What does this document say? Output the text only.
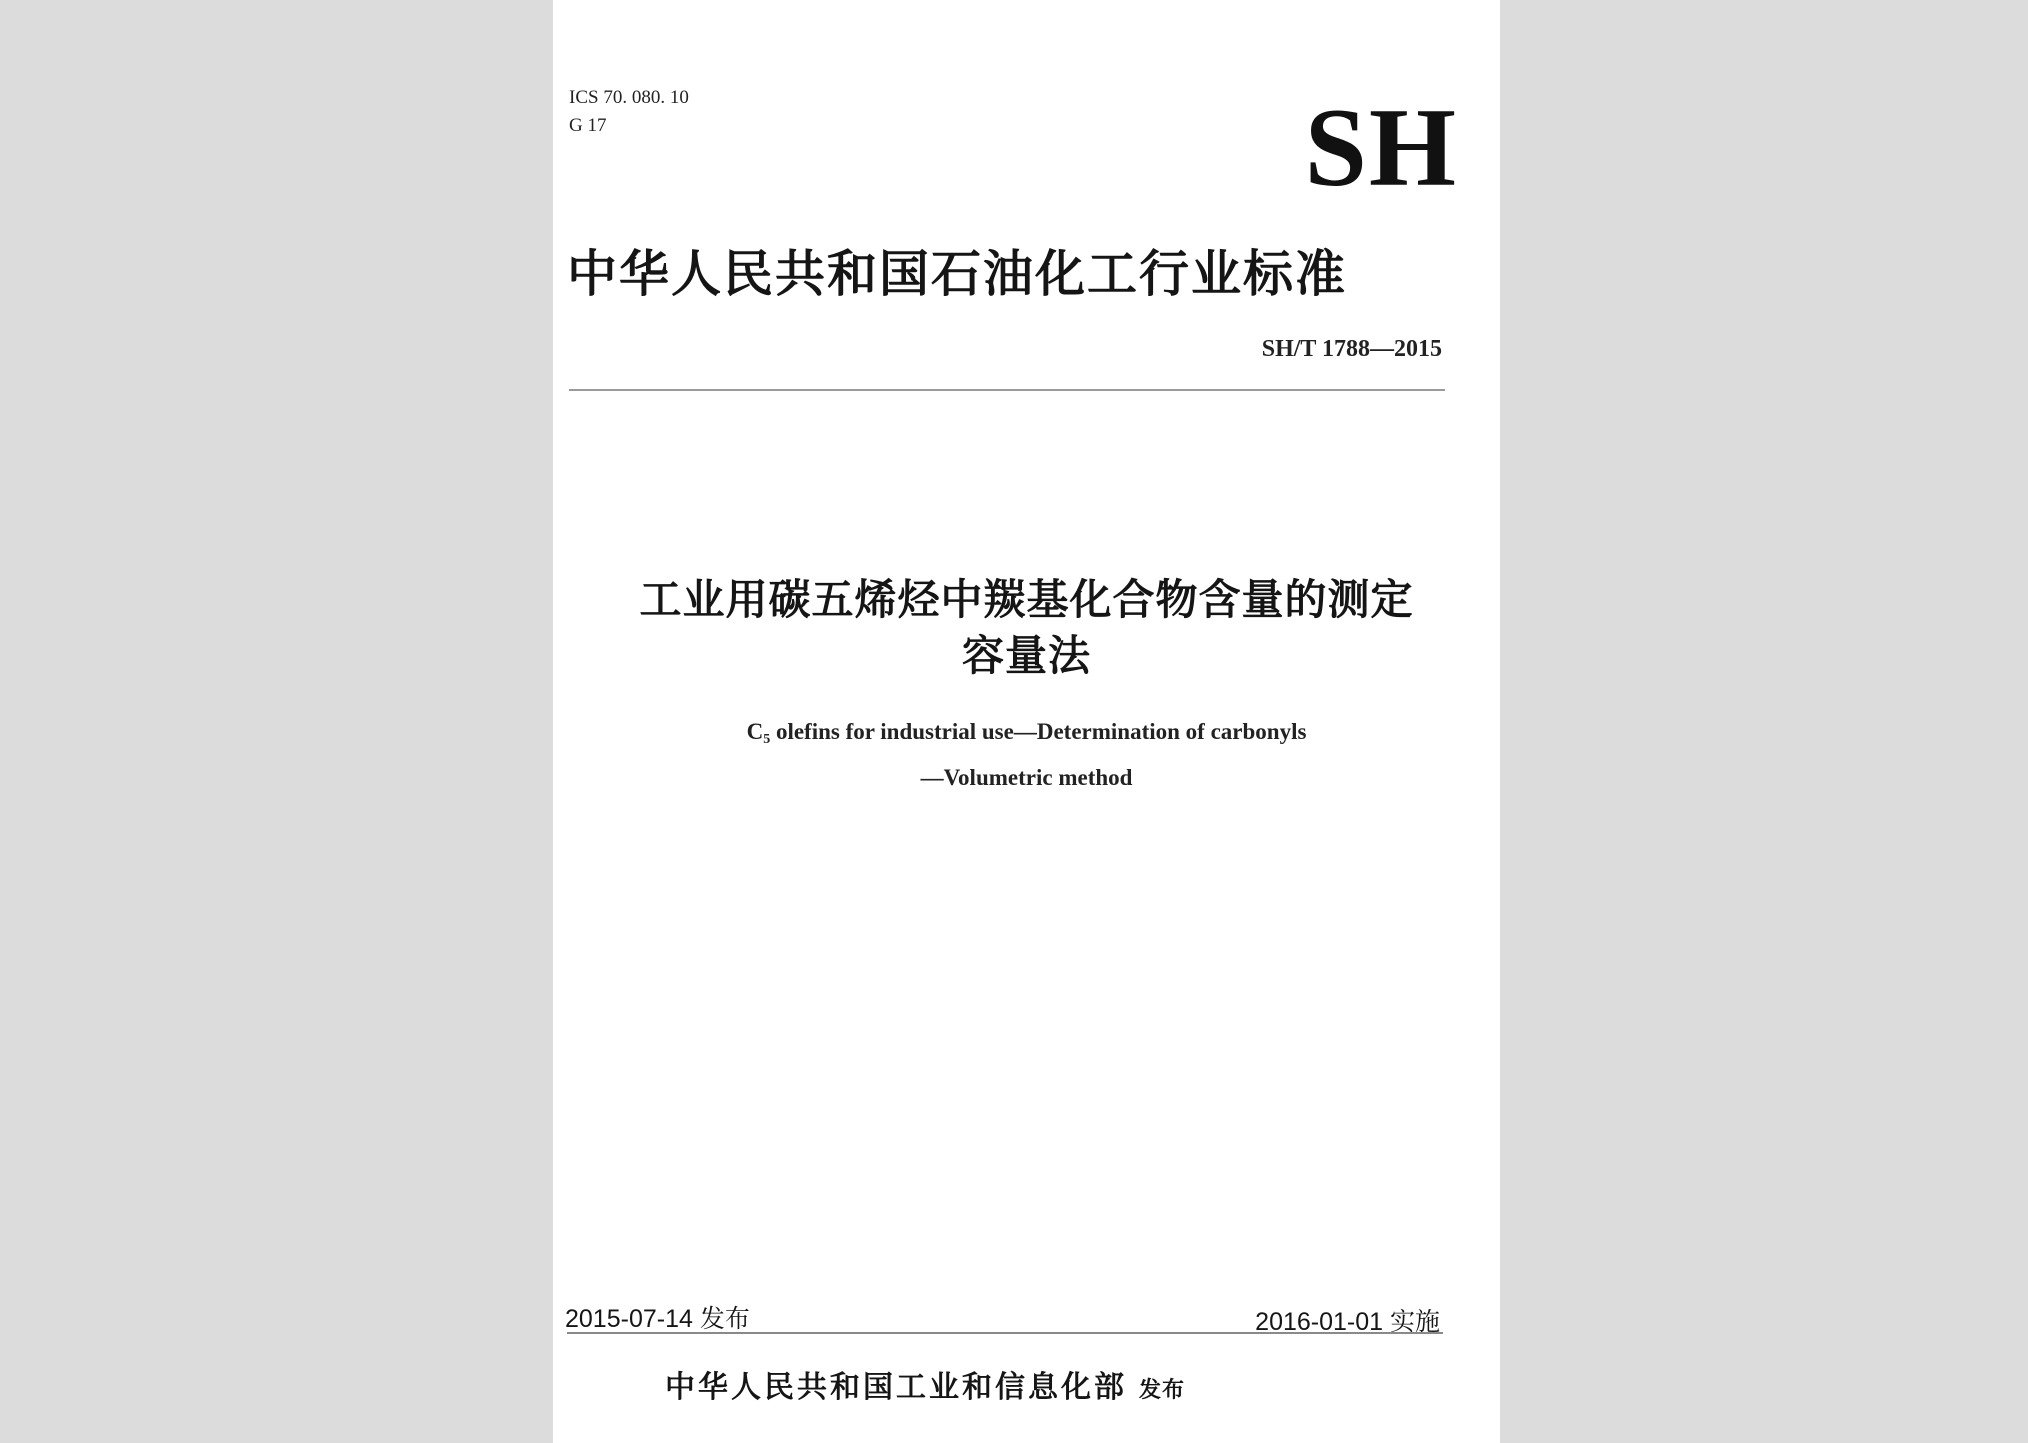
ICS 70. 080. 10
G 17	SH
中华人民共和国石油化工行业标准
SH/T 1788—2015
工业用碳五烯烃中羰基化合物含量的测定
容量法
$C_5$ olefins for industrial use—Determination of carbonyls
—Volumetric method
2015-07-14 发布	2016-01-01 实施
中华人民共和国工业和信息化部 发布
